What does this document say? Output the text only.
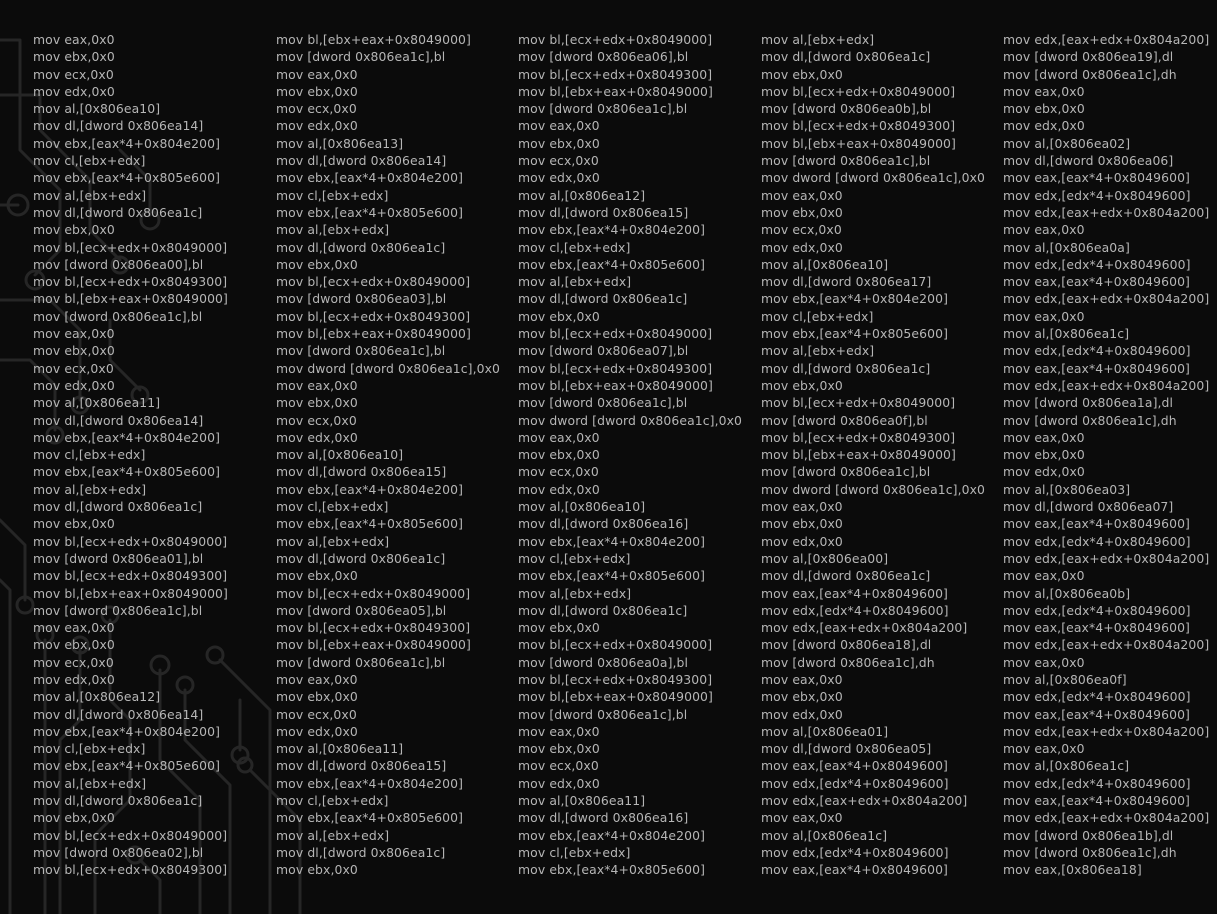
mov eax,0x0
mov ebx,0x0
mov ecx,0x0
mov edx,0x0
mov al,[0x806ea10]
mov dl,[dword 0x806ea14]
mov ebx,[eax*4+0x804e200]
mov cl,[ebx+edx]
mov ebx,[eax*4+0x805e600]
mov al,[ebx+edx]
mov dl,[dword 0x806ea1c]
mov ebx,0x0
mov bl,[ecx+edx+0x8049000]
mov [dword 0x806ea00],bl
mov bl,[ecx+edx+0x8049300]
mov bl,[ebx+eax+0x8049000]
mov [dword 0x806ea1c],bl
mov eax,0x0
mov ebx,0x0
mov ecx,0x0
mov edx,0x0
mov al,[0x806ea11]
mov dl,[dword 0x806ea14]
mov ebx,[eax*4+0x804e200]
mov cl,[ebx+edx]
mov ebx,[eax*4+0x805e600]
mov al,[ebx+edx]
mov dl,[dword 0x806ea1c]
mov ebx,0x0
mov bl,[ecx+edx+0x8049000]
mov [dword 0x806ea01],bl
mov bl,[ecx+edx+0x8049300]
mov bl,[ebx+eax+0x8049000]
mov [dword 0x806ea1c],bl
mov eax,0x0
mov ebx,0x0
mov ecx,0x0
mov edx,0x0
mov al,[0x806ea12]
mov dl,[dword 0x806ea14]
mov ebx,[eax*4+0x804e200]
mov cl,[ebx+edx]
mov ebx,[eax*4+0x805e600]
mov al,[ebx+edx]
mov dl,[dword 0x806ea1c]
mov ebx,0x0
mov bl,[ecx+edx+0x8049000]
mov [dword 0x806ea02],bl
mov bl,[ecx+edx+0x8049300]
mov bl,[ebx+eax+0x8049000]
mov [dword 0x806ea1c],bl
mov eax,0x0
mov ebx,0x0
mov ecx,0x0
mov edx,0x0
mov al,[0x806ea13]
mov dl,[dword 0x806ea14]
mov ebx,[eax*4+0x804e200]
mov cl,[ebx+edx]
mov ebx,[eax*4+0x805e600]
mov al,[ebx+edx]
mov dl,[dword 0x806ea1c]
mov ebx,0x0
mov bl,[ecx+edx+0x8049000]
mov [dword 0x806ea03],bl
mov bl,[ecx+edx+0x8049300]
mov bl,[ebx+eax+0x8049000]
mov [dword 0x806ea1c],bl
mov dword [dword 0x806ea1c],0x0
mov eax,0x0
mov ebx,0x0
mov ecx,0x0
mov edx,0x0
mov al,[0x806ea10]
mov dl,[dword 0x806ea15]
mov ebx,[eax*4+0x804e200]
mov cl,[ebx+edx]
mov ebx,[eax*4+0x805e600]
mov al,[ebx+edx]
mov dl,[dword 0x806ea1c]
mov ebx,0x0
mov bl,[ecx+edx+0x8049000]
mov [dword 0x806ea05],bl
mov bl,[ecx+edx+0x8049300]
mov bl,[ebx+eax+0x8049000]
mov [dword 0x806ea1c],bl
mov eax,0x0
mov ebx,0x0
mov ecx,0x0
mov edx,0x0
mov al,[0x806ea11]
mov dl,[dword 0x806ea15]
mov ebx,[eax*4+0x804e200]
mov cl,[ebx+edx]
mov ebx,[eax*4+0x805e600]
mov al,[ebx+edx]
mov dl,[dword 0x806ea1c]
mov ebx,0x0
mov bl,[ecx+edx+0x8049000]
mov [dword 0x806ea06],bl
mov bl,[ecx+edx+0x8049300]
mov bl,[ebx+eax+0x8049000]
mov [dword 0x806ea1c],bl
mov eax,0x0
mov ebx,0x0
mov ecx,0x0
mov edx,0x0
mov al,[0x806ea12]
mov dl,[dword 0x806ea15]
mov ebx,[eax*4+0x804e200]
mov cl,[ebx+edx]
mov ebx,[eax*4+0x805e600]
mov al,[ebx+edx]
mov dl,[dword 0x806ea1c]
mov ebx,0x0
mov bl,[ecx+edx+0x8049000]
mov [dword 0x806ea07],bl
mov bl,[ecx+edx+0x8049300]
mov bl,[ebx+eax+0x8049000]
mov [dword 0x806ea1c],bl
mov dword [dword 0x806ea1c],0x0
mov eax,0x0
mov ebx,0x0
mov ecx,0x0
mov edx,0x0
mov al,[0x806ea10]
mov dl,[dword 0x806ea16]
mov ebx,[eax*4+0x804e200]
mov cl,[ebx+edx]
mov ebx,[eax*4+0x805e600]
mov al,[ebx+edx]
mov dl,[dword 0x806ea1c]
mov ebx,0x0
mov bl,[ecx+edx+0x8049000]
mov [dword 0x806ea0a],bl
mov bl,[ecx+edx+0x8049300]
mov bl,[ebx+eax+0x8049000]
mov [dword 0x806ea1c],bl
mov eax,0x0
mov ebx,0x0
mov ecx,0x0
mov edx,0x0
mov al,[0x806ea11]
mov dl,[dword 0x806ea16]
mov ebx,[eax*4+0x804e200]
mov cl,[ebx+edx]
mov ebx,[eax*4+0x805e600]
mov al,[ebx+edx]
mov dl,[dword 0x806ea1c]
mov ebx,0x0
mov bl,[ecx+edx+0x8049000]
mov [dword 0x806ea0b],bl
mov bl,[ecx+edx+0x8049300]
mov bl,[ebx+eax+0x8049000]
mov [dword 0x806ea1c],bl
mov dword [dword 0x806ea1c],0x0
mov eax,0x0
mov ebx,0x0
mov ecx,0x0
mov edx,0x0
mov al,[0x806ea10]
mov dl,[dword 0x806ea17]
mov ebx,[eax*4+0x804e200]
mov cl,[ebx+edx]
mov ebx,[eax*4+0x805e600]
mov al,[ebx+edx]
mov dl,[dword 0x806ea1c]
mov ebx,0x0
mov bl,[ecx+edx+0x8049000]
mov [dword 0x806ea0f],bl
mov bl,[ecx+edx+0x8049300]
mov bl,[ebx+eax+0x8049000]
mov [dword 0x806ea1c],bl
mov dword [dword 0x806ea1c],0x0
mov eax,0x0
mov ebx,0x0
mov edx,0x0
mov al,[0x806ea00]
mov dl,[dword 0x806ea1c]
mov eax,[eax*4+0x8049600]
mov edx,[edx*4+0x8049600]
mov edx,[eax+edx+0x804a200]
mov [dword 0x806ea18],dl
mov [dword 0x806ea1c],dh
mov eax,0x0
mov ebx,0x0
mov edx,0x0
mov al,[0x806ea01]
mov dl,[dword 0x806ea05]
mov eax,[eax*4+0x8049600]
mov edx,[edx*4+0x8049600]
mov edx,[eax+edx+0x804a200]
mov eax,0x0
mov al,[0x806ea1c]
mov edx,[edx*4+0x8049600]
mov eax,[eax*4+0x8049600]
mov edx,[eax+edx+0x804a200]
mov [dword 0x806ea19],dl
mov [dword 0x806ea1c],dh
mov eax,0x0
mov ebx,0x0
mov edx,0x0
mov al,[0x806ea02]
mov dl,[dword 0x806ea06]
mov eax,[eax*4+0x8049600]
mov edx,[edx*4+0x8049600]
mov edx,[eax+edx+0x804a200]
mov eax,0x0
mov al,[0x806ea0a]
mov edx,[edx*4+0x8049600]
mov eax,[eax*4+0x8049600]
mov edx,[eax+edx+0x804a200]
mov eax,0x0
mov al,[0x806ea1c]
mov edx,[edx*4+0x8049600]
mov eax,[eax*4+0x8049600]
mov edx,[eax+edx+0x804a200]
mov [dword 0x806ea1a],dl
mov [dword 0x806ea1c],dh
mov eax,0x0
mov ebx,0x0
mov edx,0x0
mov al,[0x806ea03]
mov dl,[dword 0x806ea07]
mov eax,[eax*4+0x8049600]
mov edx,[edx*4+0x8049600]
mov edx,[eax+edx+0x804a200]
mov eax,0x0
mov al,[0x806ea0b]
mov edx,[edx*4+0x8049600]
mov eax,[eax*4+0x8049600]
mov edx,[eax+edx+0x804a200]
mov eax,0x0
mov al,[0x806ea0f]
mov edx,[edx*4+0x8049600]
mov eax,[eax*4+0x8049600]
mov edx,[eax+edx+0x804a200]
mov eax,0x0
mov al,[0x806ea1c]
mov edx,[edx*4+0x8049600]
mov eax,[eax*4+0x8049600]
mov edx,[eax+edx+0x804a200]
mov [dword 0x806ea1b],dl
mov [dword 0x806ea1c],dh
mov eax,[0x806ea18]
